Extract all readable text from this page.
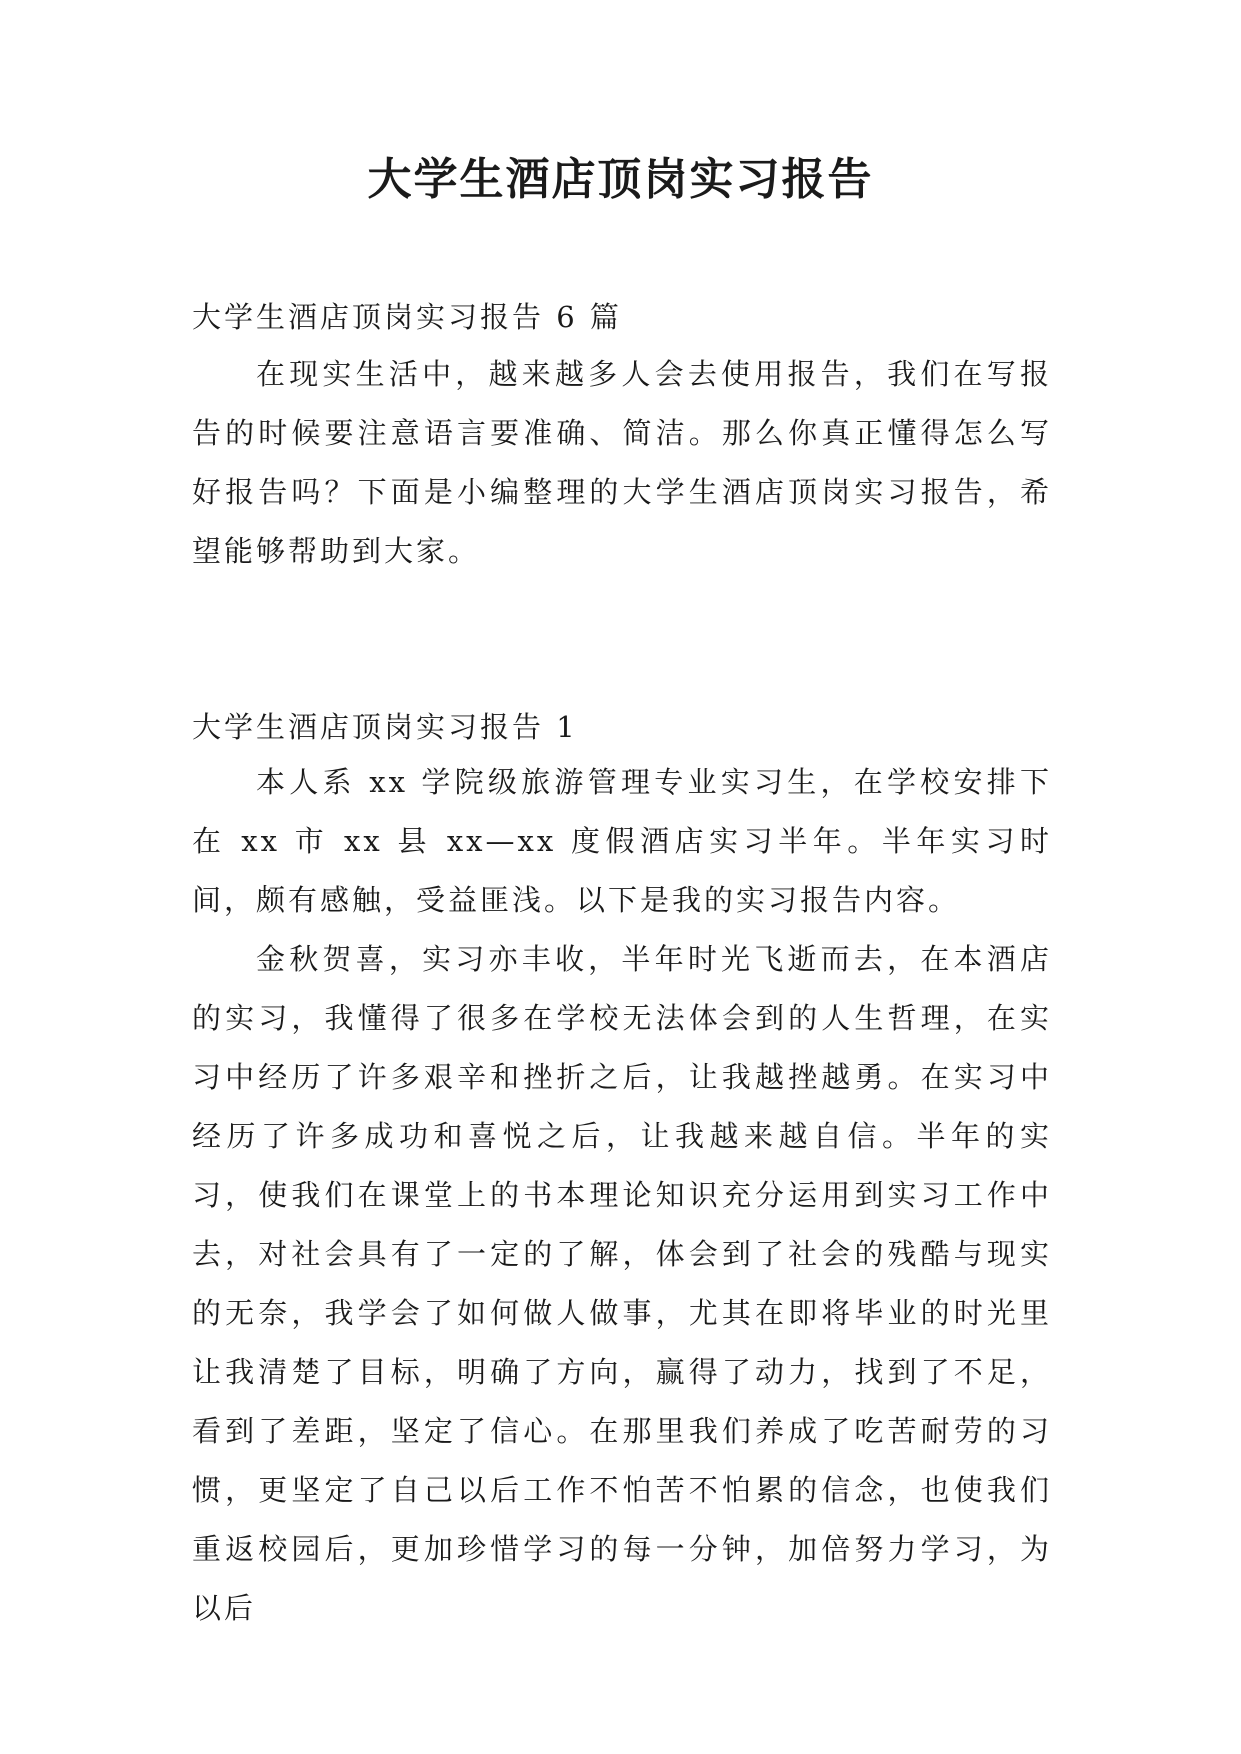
大学生酒店顶岗实习报告
大学生酒店顶岗实习报告 6 篇

在现实生活中，越来越多人会去使用报告，我们在写报告的时候要注意语言要准确、简洁。那么你真正懂得怎么写好报告吗？下面是小编整理的大学生酒店顶岗实习报告，希望能够帮助到大家。

大学生酒店顶岗实习报告 1

本人系 xx 学院级旅游管理专业实习生，在学校安排下在 xx 市 xx 县 xx—xx 度假酒店实习半年。半年实习时间，颇有感触，受益匪浅。以下是我的实习报告内容。

金秋贺喜，实习亦丰收，半年时光飞逝而去，在本酒店的实习，我懂得了很多在学校无法体会到的人生哲理，在实习中经历了许多艰辛和挫折之后，让我越挫越勇。在实习中经历了许多成功和喜悦之后，让我越来越自信。半年的实习，使我们在课堂上的书本理论知识充分运用到实习工作中去，对社会具有了一定的了解，体会到了社会的残酷与现实的无奈，我学会了如何做人做事，尤其在即将毕业的时光里让我清楚了目标，明确了方向，赢得了动力，找到了不足，看到了差距，坚定了信心。在那里我们养成了吃苦耐劳的习惯，更坚定了自己以后工作不怕苦不怕累的信念，也使我们重返校园后，更加珍惜学习的每一分钟，加倍努力学习，为以后
